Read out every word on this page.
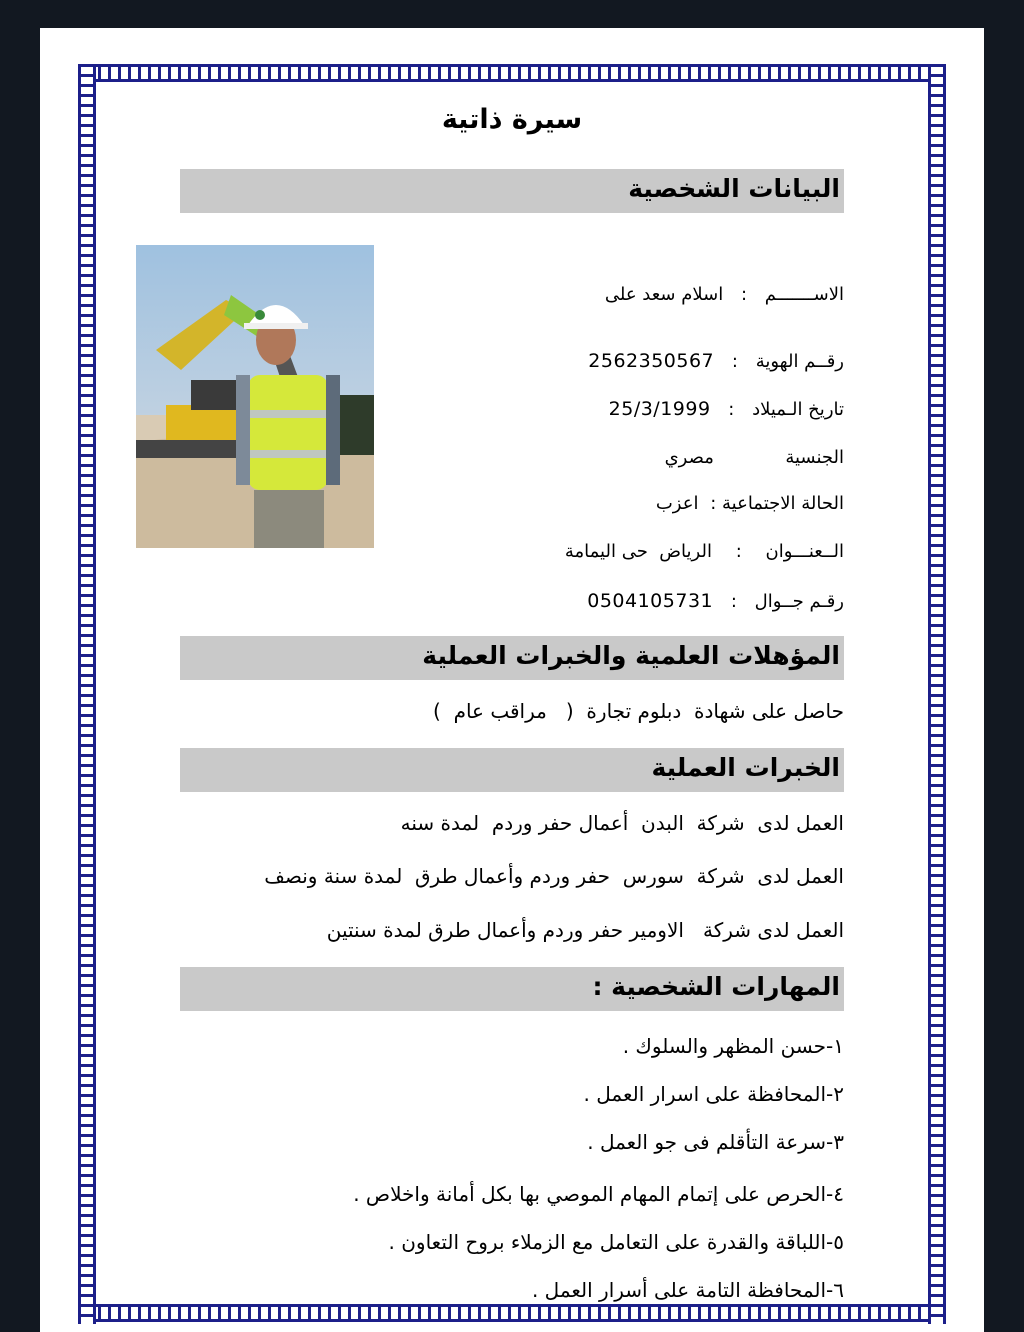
سيرة ذاتية
البيانات الشخصية
الاســـــــم : اسلام سعد على
رقــم الهوية : 2562350567
تاريخ الـميلاد : 25/3/1999
الجنسية  مصري
الحالة الاجتماعية : اعزب
الــعنـــوان : الرياض  حى اليمامة
رقـم جــوال : 0504105731
المؤهلات العلمية والخبرات العملية
حاصل على شهادة  دبلوم تجارة  (   مراقب عام  )
الخبرات العملية
العمل لدى  شركة  البدن  أعمال حفر وردم  لمدة سنه
العمل لدى  شركة  سورس  حفر وردم وأعمال طرق  لمدة سنة ونصف
العمل لدى شركة   الاومير حفر وردم وأعمال طرق لمدة سنتين
المهارات الشخصية :
١-حسن المظهر والسلوك .
٢-المحافظة على اسرار العمل .
٣-سرعة التأقلم فى جو العمل .
٤-الحرص على إتمام المهام الموصي بها بكل أمانة واخلاص .
٥-اللباقة والقدرة على التعامل مع الزملاء بروح التعاون .
٦-المحافظة التامة على أسرار العمل .
